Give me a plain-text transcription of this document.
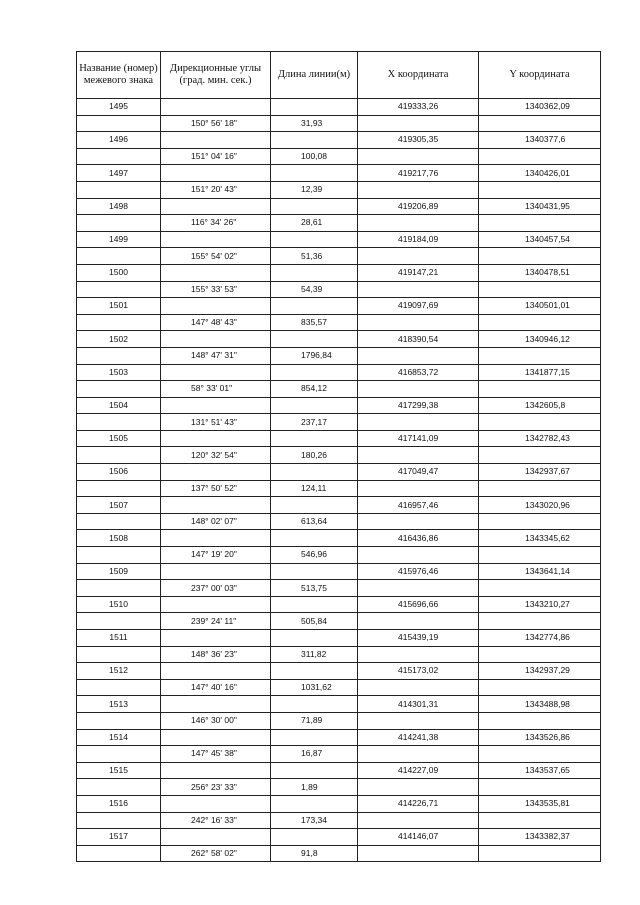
Название (номер) межевого знака	Дирекционные углы (град. мин. сек.)	Длина линии(м)	X координата	Y координата
1495			419333,26	1340362,09
	150° 56' 18"	31,93		
1496			419305,35	1340377,6
	151° 04' 16"	100,08		
1497			419217,76	1340426,01
	151° 20' 43"	12,39		
1498			419206,89	1340431,95
	116° 34' 26"	28,61		
1499			419184,09	1340457,54
	155° 54' 02"	51,36		
1500			419147,21	1340478,51
	155° 33' 53"	54,39		
1501			419097,69	1340501,01
	147° 48' 43"	835,57		
1502			418390,54	1340946,12
	148° 47' 31"	1796,84		
1503			416853,72	1341877,15
	58° 33' 01"	854,12		
1504			417299,38	1342605,8
	131° 51' 43"	237,17		
1505			417141,09	1342782,43
	120° 32' 54"	180,26		
1506			417049,47	1342937,67
	137° 50' 52"	124,11		
1507			416957,46	1343020,96
	148° 02' 07"	613,64		
1508			416436,86	1343345,62
	147° 19' 20"	546,96		
1509			415976,46	1343641,14
	237° 00' 03"	513,75		
1510			415696,66	1343210,27
	239° 24' 11"	505,84		
1511			415439,19	1342774,86
	148° 36' 23"	311,82		
1512			415173,02	1342937,29
	147° 40' 16"	1031,62		
1513			414301,31	1343488,98
	146° 30' 00"	71,89		
1514			414241,38	1343526,86
	147° 45' 38"	16,87		
1515			414227,09	1343537,65
	256° 23' 33"	1,89		
1516			414226,71	1343535,81
	242° 16' 33"	173,34		
1517			414146,07	1343382,37
	262° 58' 02"	91,8		
